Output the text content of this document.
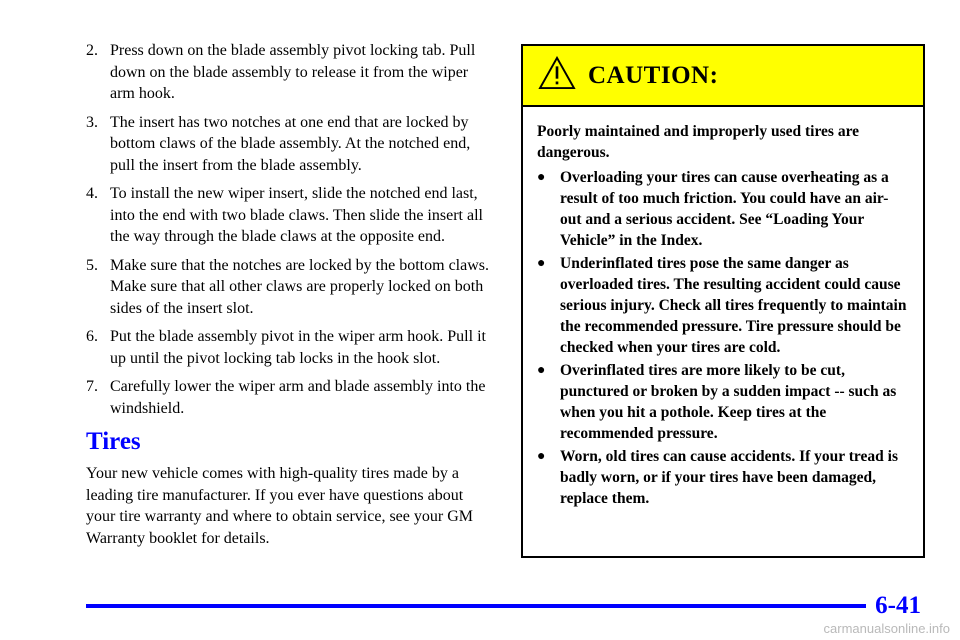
2. Press down on the blade assembly pivot locking tab. Pull down on the blade assembly to release it from the wiper arm hook.
3. The insert has two notches at one end that are locked by bottom claws of the blade assembly. At the notched end, pull the insert from the blade assembly.
4. To install the new wiper insert, slide the notched end last, into the end with two blade claws. Then slide the insert all the way through the blade claws at the opposite end.
5. Make sure that the notches are locked by the bottom claws. Make sure that all other claws are properly locked on both sides of the insert slot.
6. Put the blade assembly pivot in the wiper arm hook. Pull it up until the pivot locking tab locks in the hook slot.
7. Carefully lower the wiper arm and blade assembly into the windshield.
Tires
Your new vehicle comes with high-quality tires made by a leading tire manufacturer. If you ever have questions about your tire warranty and where to obtain service, see your GM Warranty booklet for details.
CAUTION:
Poorly maintained and improperly used tires are dangerous.
● Overloading your tires can cause overheating as a result of too much friction. You could have an air-out and a serious accident. See “Loading Your Vehicle” in the Index.
● Underinflated tires pose the same danger as overloaded tires. The resulting accident could cause serious injury. Check all tires frequently to maintain the recommended pressure. Tire pressure should be checked when your tires are cold.
● Overinflated tires are more likely to be cut, punctured or broken by a sudden impact -- such as when you hit a pothole. Keep tires at the recommended pressure.
● Worn, old tires can cause accidents. If your tread is badly worn, or if your tires have been damaged, replace them.
6-41
carmanualsonline.info
